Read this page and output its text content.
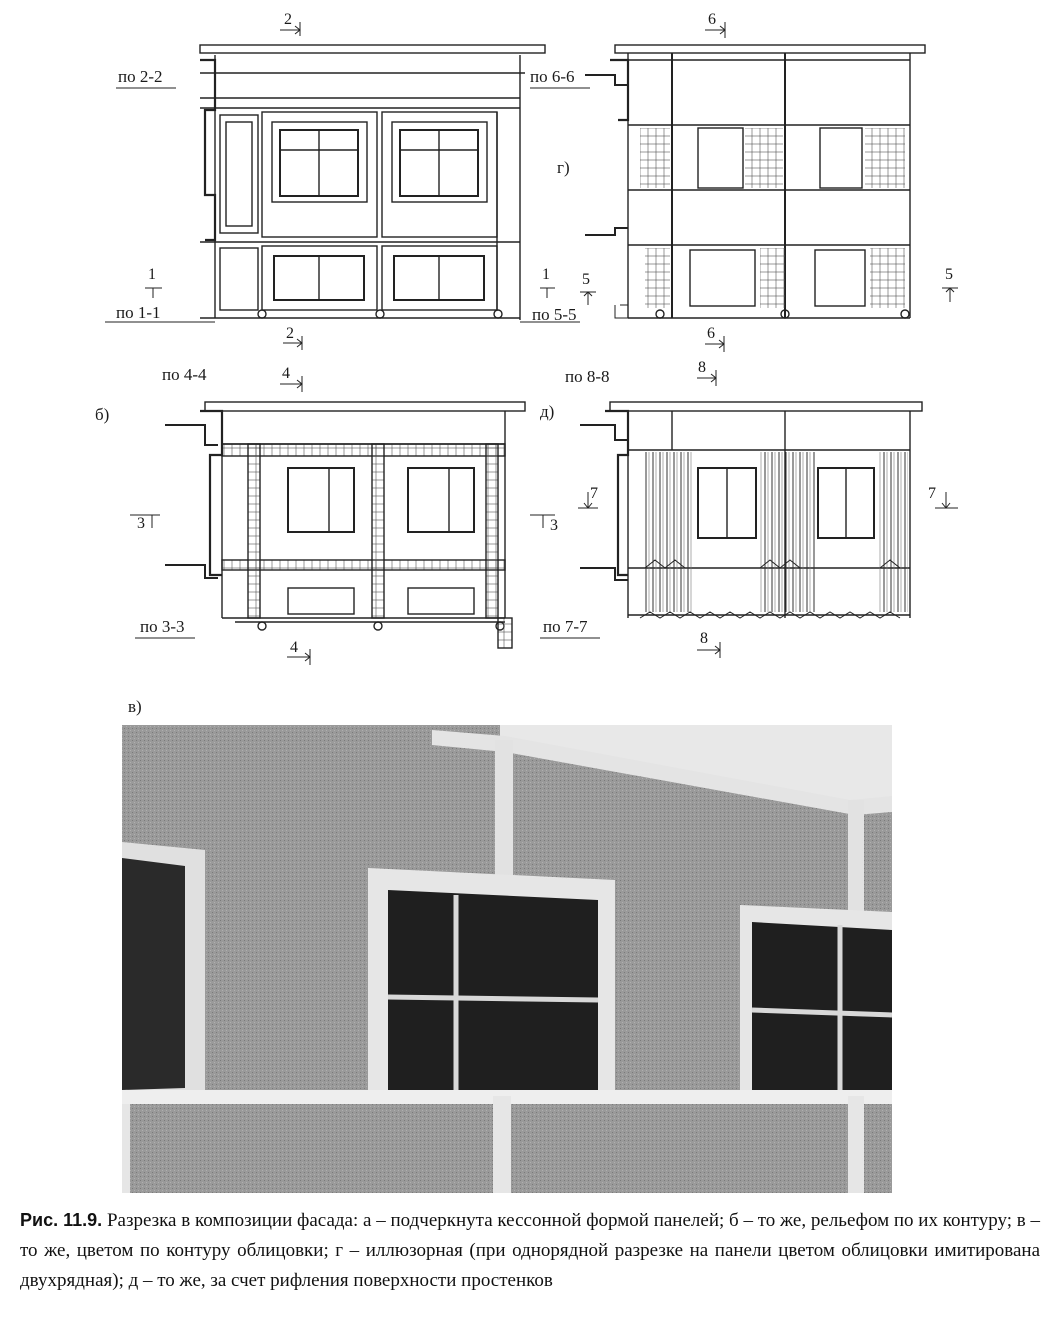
по 2-2
по 1-1
по 6-6
по 5-5
2
2
1	1
г)
6
6
5	5
б)
по 4-4	4
3	3
по 3-3
4
д)
по 8-8	8
7	7
по 7-7
8
в)
Рис. 11.9. Разрезка в композиции фасада: а – подчеркнута кессонной формой панелей; б – то же, рельефом по их контуру; в – то же, цветом по контуру облицовки; г – иллюзорная (при однорядной разрезке на панели цветом облицовки имитирована двухрядная); д – то же, за счет рифления поверхности простенков
